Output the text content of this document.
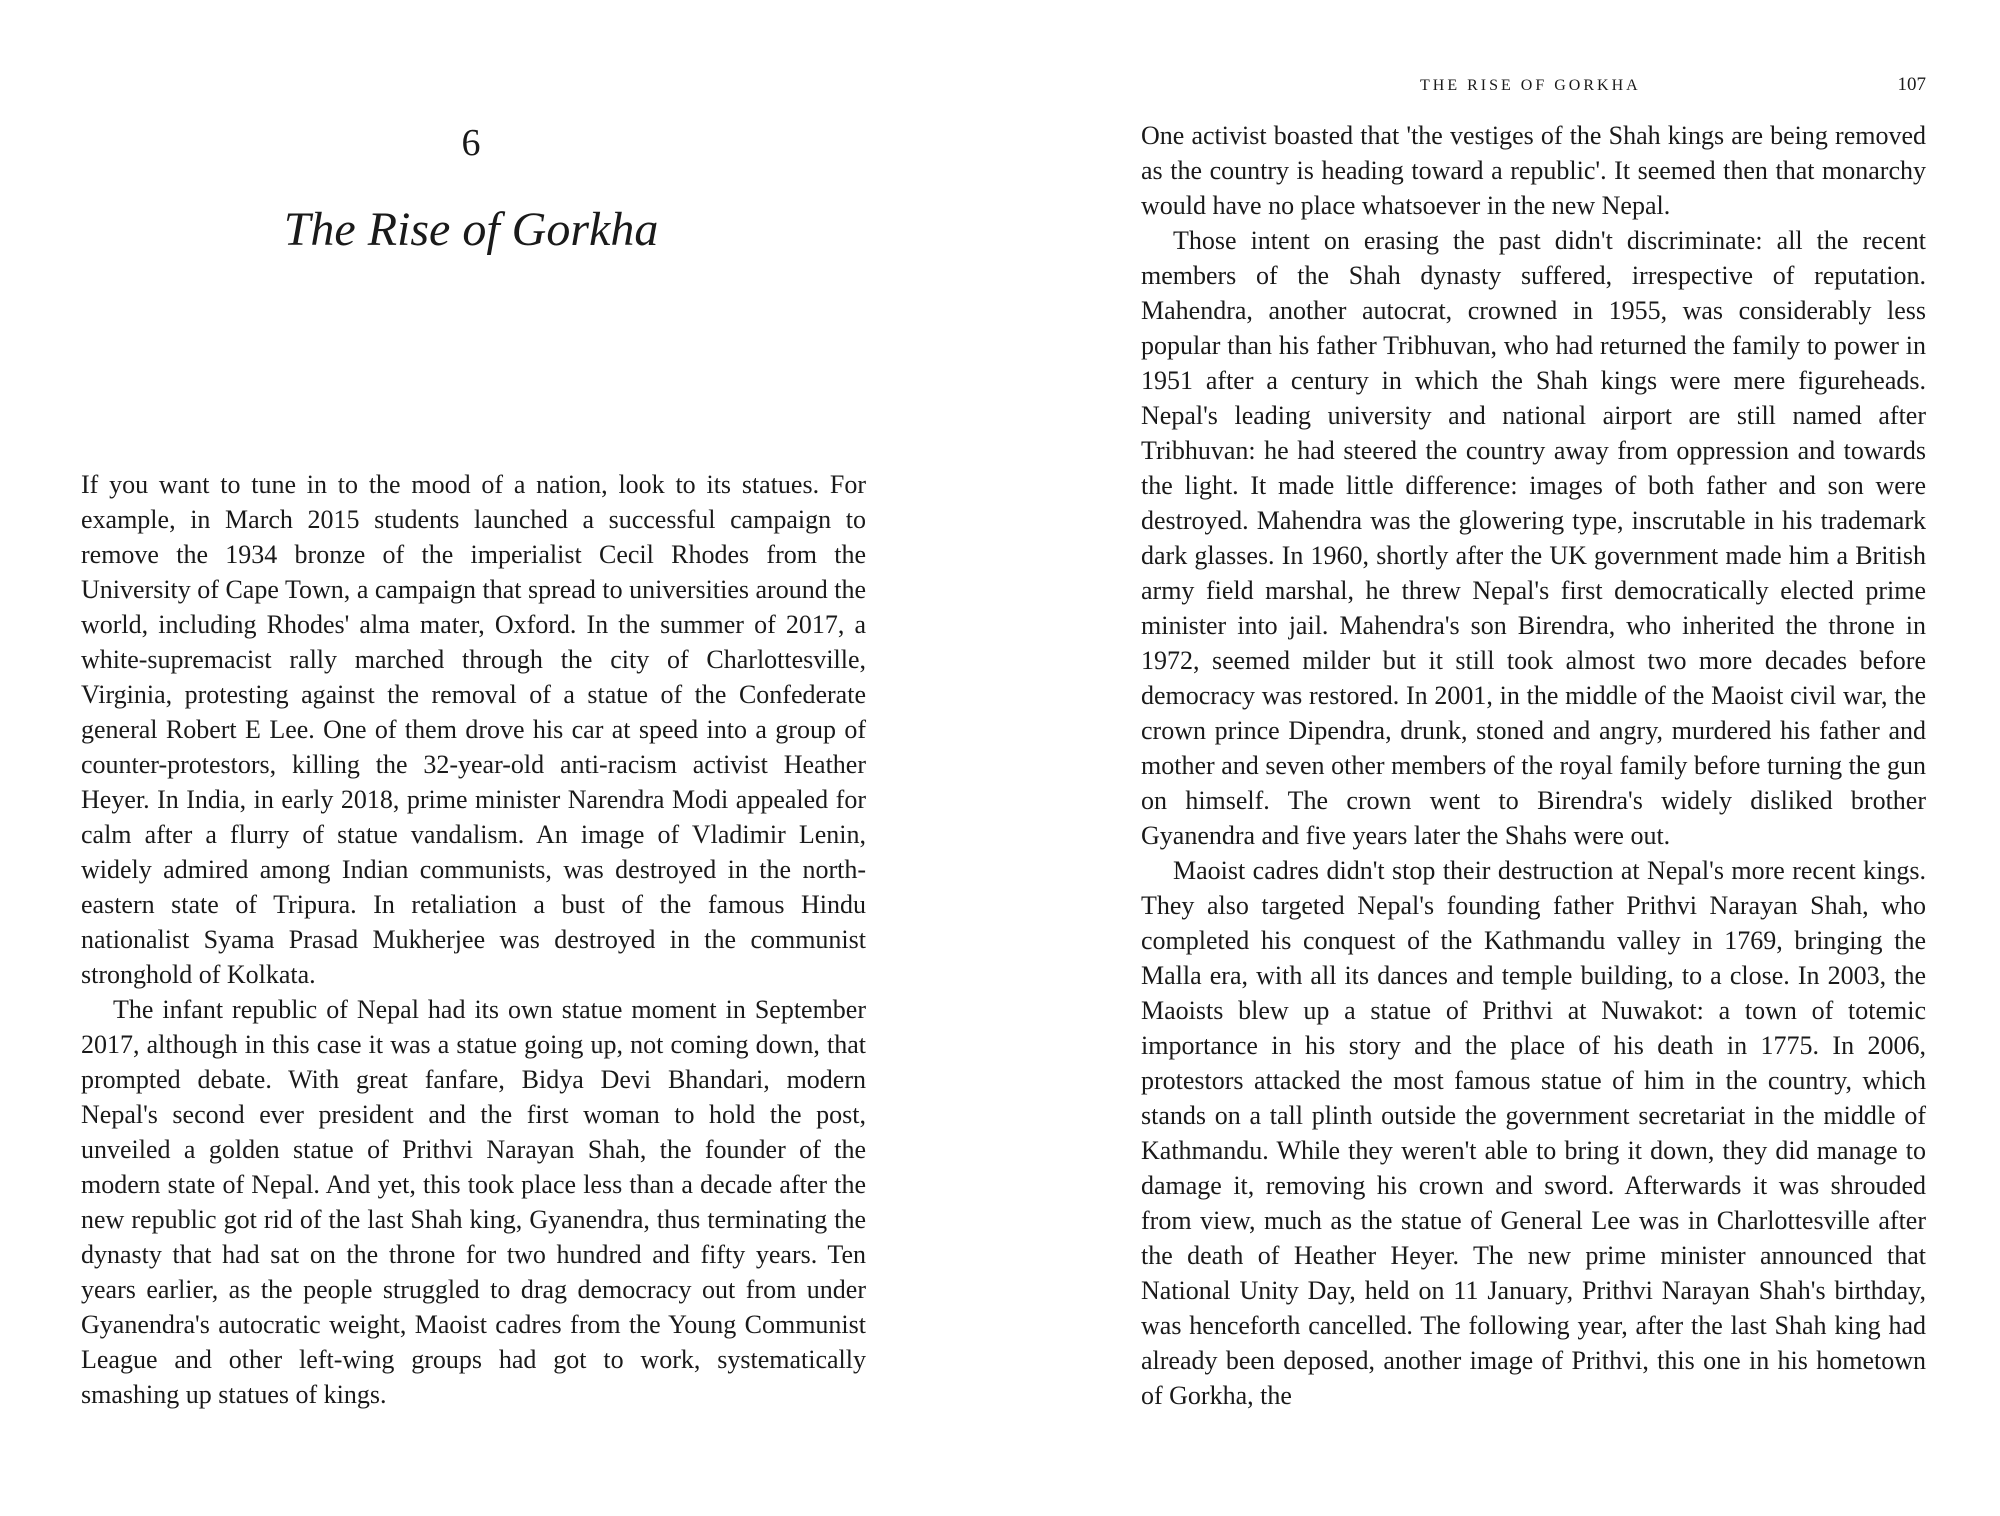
6
The Rise of Gorkha

If you want to tune in to the mood of a nation, look to its statues. For example, in March 2015 students launched a successful campaign to remove the 1934 bronze of the imperialist Cecil Rhodes from the University of Cape Town, a campaign that spread to universities around the world, including Rhodes' alma mater, Oxford. In the summer of 2017, a white-supremacist rally marched through the city of Charlottesville, Virginia, protesting against the removal of a statue of the Confederate general Robert E Lee. One of them drove his car at speed into a group of counter-protestors, killing the 32-year-old anti-racism activist Heather Heyer. In India, in early 2018, prime minister Narendra Modi appealed for calm after a flurry of statue vandalism. An image of Vladimir Lenin, widely admired among Indian communists, was destroyed in the north-eastern state of Tripura. In retaliation a bust of the famous Hindu nationalist Syama Prasad Mukherjee was destroyed in the communist stronghold of Kolkata.

The infant republic of Nepal had its own statue moment in September 2017, although in this case it was a statue going up, not coming down, that prompted debate. With great fanfare, Bidya Devi Bhandari, modern Nepal's second ever president and the first woman to hold the post, unveiled a golden statue of Prithvi Narayan Shah, the founder of the modern state of Nepal. And yet, this took place less than a decade after the new republic got rid of the last Shah king, Gyanendra, thus terminating the dynasty that had sat on the throne for two hundred and fifty years. Ten years earlier, as the people struggled to drag democracy out from under Gyanendra's autocratic weight, Maoist cadres from the Young Communist League and other left-wing groups had got to work, systematically smashing up statues of kings.

THE RISE OF GORKHA	107

One activist boasted that 'the vestiges of the Shah kings are being removed as the country is heading toward a republic'. It seemed then that monarchy would have no place whatsoever in the new Nepal.

Those intent on erasing the past didn't discriminate: all the recent members of the Shah dynasty suffered, irrespective of reputation. Mahendra, another autocrat, crowned in 1955, was considerably less popular than his father Tribhuvan, who had returned the family to power in 1951 after a century in which the Shah kings were mere figureheads. Nepal's leading university and national airport are still named after Tribhuvan: he had steered the country away from oppression and towards the light. It made little difference: images of both father and son were destroyed. Mahendra was the glowering type, inscrutable in his trademark dark glasses. In 1960, shortly after the UK government made him a British army field marshal, he threw Nepal's first democratically elected prime minister into jail. Mahendra's son Birendra, who inherited the throne in 1972, seemed milder but it still took almost two more decades before democracy was restored. In 2001, in the middle of the Maoist civil war, the crown prince Dipendra, drunk, stoned and angry, murdered his father and mother and seven other members of the royal family before turning the gun on himself. The crown went to Birendra's widely disliked brother Gyanendra and five years later the Shahs were out.

Maoist cadres didn't stop their destruction at Nepal's more recent kings. They also targeted Nepal's founding father Prithvi Narayan Shah, who completed his conquest of the Kathmandu valley in 1769, bringing the Malla era, with all its dances and temple building, to a close. In 2003, the Maoists blew up a statue of Prithvi at Nuwakot: a town of totemic importance in his story and the place of his death in 1775. In 2006, protestors attacked the most famous statue of him in the country, which stands on a tall plinth outside the government secretariat in the middle of Kathmandu. While they weren't able to bring it down, they did manage to damage it, removing his crown and sword. Afterwards it was shrouded from view, much as the statue of General Lee was in Charlottesville after the death of Heather Heyer. The new prime minister announced that National Unity Day, held on 11 January, Prithvi Narayan Shah's birthday, was henceforth cancelled. The following year, after the last Shah king had already been deposed, another image of Prithvi, this one in his hometown of Gorkha, the
